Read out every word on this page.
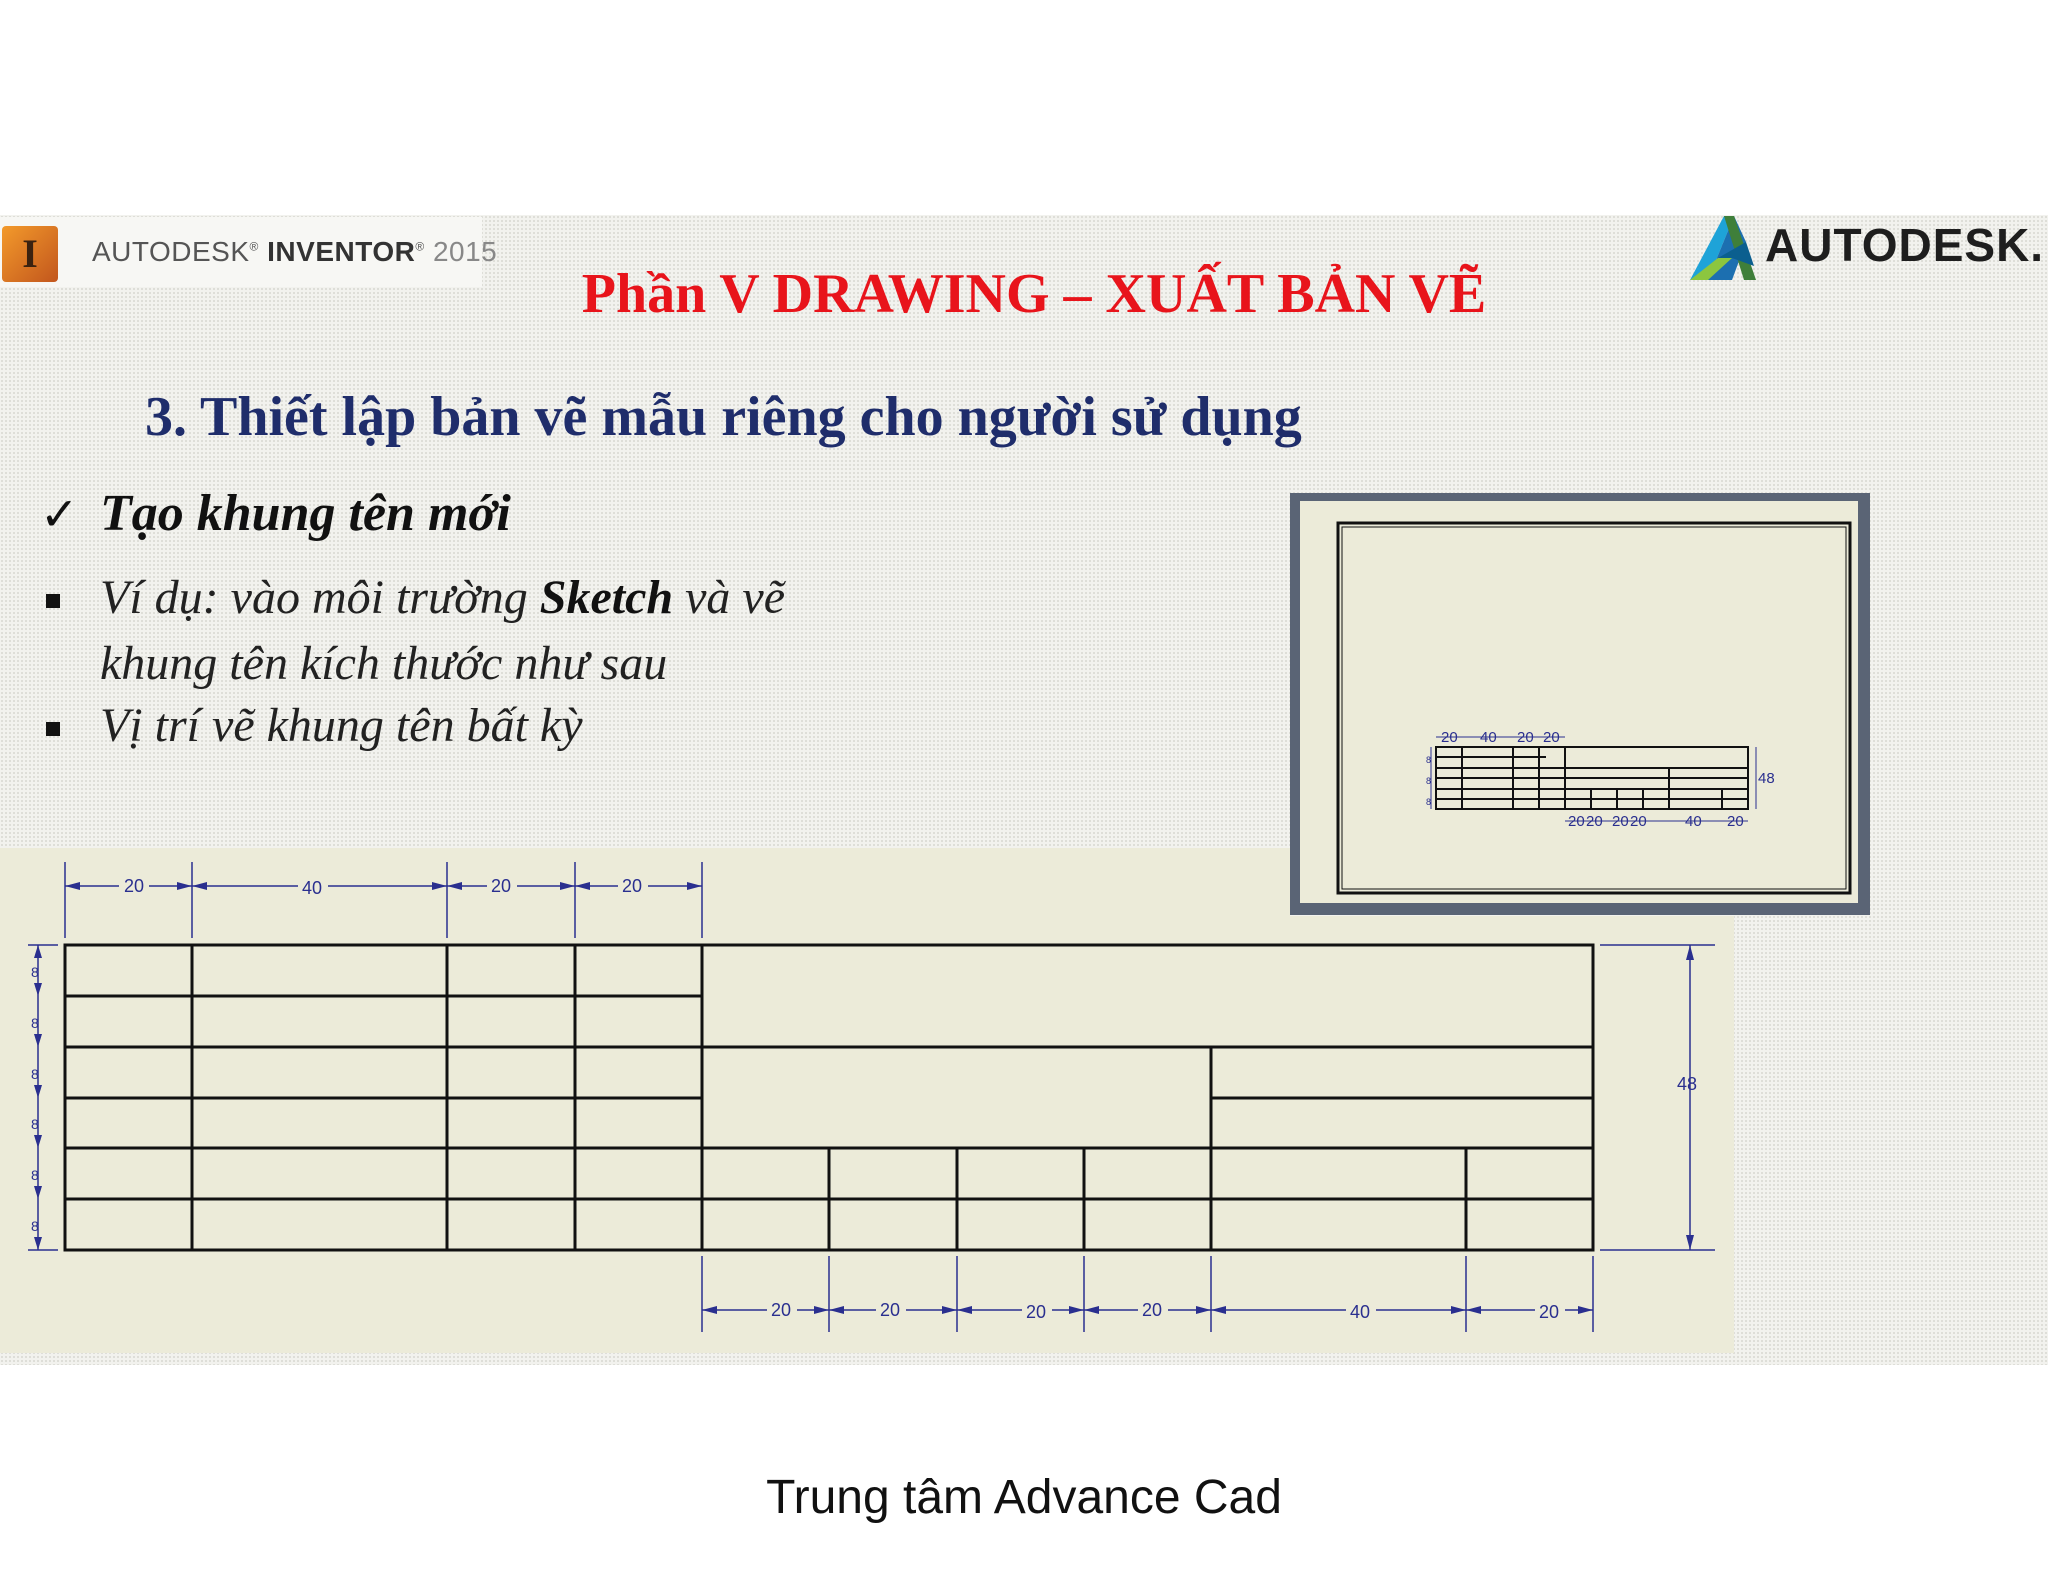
I	AUTODESK® INVENTOR® 2015	AUTODESK.
Phần V DRAWING – XUẤT BẢN VẼ
3. Thiết lập bản vẽ mẫu riêng cho người sử dụng
✓ Tạo khung tên mới
Ví dụ: vào môi trường Sketch và vẽ
khung tên kích thước như sau
Vị trí vẽ khung tên bất kỳ	20 40 20 20
20 20 20 20	40 20
48
8
8
8
20	40	20	20
20	20	20	20	40	20
48
8
8
8
8
8
8
Trung tâm Advance Cad
